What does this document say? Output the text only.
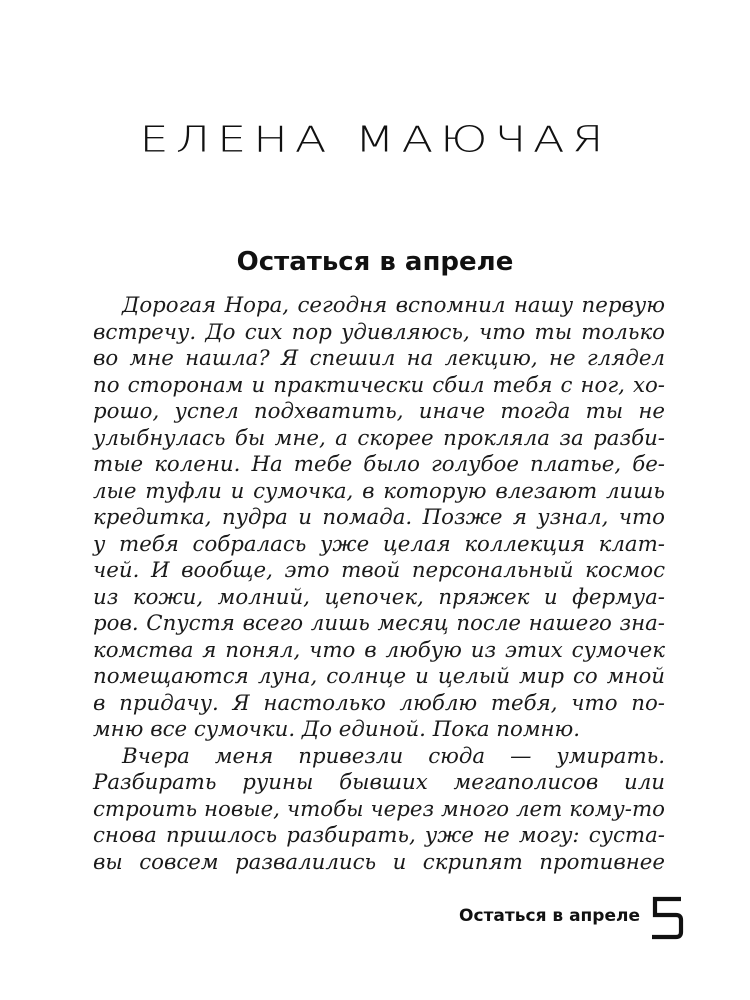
ЕЛЕНА МАЮЧАЯ
Остаться в апреле
Дорогая Нора, сегодня вспомнил нашу первую
встречу. До сих пор удивляюсь, что ты только
во мне нашла? Я спешил на лекцию, не глядел
по сторонам и практически сбил тебя с ног, хо-
рошо, успел подхватить, иначе тогда ты не
улыбнулась бы мне, а скорее прокляла за разби-
тые колени. На тебе было голубое платье, бе-
лые туфли и сумочка, в которую влезают лишь
кредитка, пудра и помада. Позже я узнал, что
у тебя собралась уже целая коллекция клат-
чей. И вообще, это твой персональный космос
из кожи, молний, цепочек, пряжек и фермуа-
ров. Спустя всего лишь месяц после нашего зна-
комства я понял, что в любую из этих сумочек
помещаются луна, солнце и целый мир со мной
в придачу. Я настолько люблю тебя, что по-
мню все сумочки. До единой. Пока помню.
Вчера меня привезли сюда — умирать.
Разбирать руины бывших мегаполисов или
строить новые, чтобы через много лет кому-то
снова пришлось разбирать, уже не могу: суста-
вы совсем развалились и скрипят противнее
Остаться в апреле
